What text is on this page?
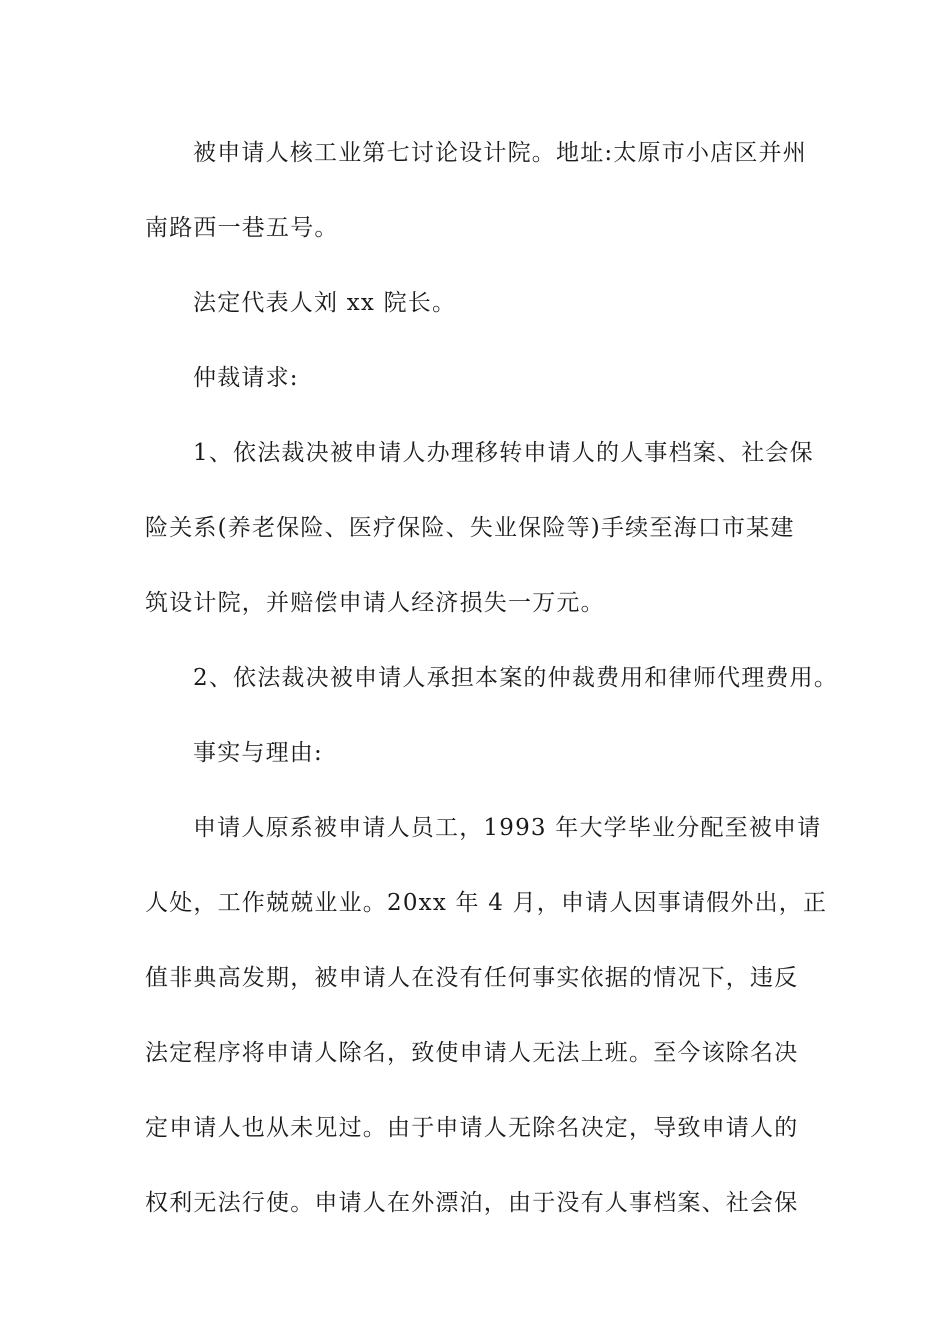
被申请人核工业第七讨论设计院。地址:太原市小店区并州
南路西一巷五号。
法定代表人刘 xx 院长。
仲裁请求:
1、依法裁决被申请人办理移转申请人的人事档案、社会保
险关系(养老保险、医疗保险、失业保险等)手续至海口市某建
筑设计院，并赔偿申请人经济损失一万元。
2、依法裁决被申请人承担本案的仲裁费用和律师代理费用。
事实与理由:
申请人原系被申请人员工，1993 年大学毕业分配至被申请
人处，工作兢兢业业。20xx 年 4 月，申请人因事请假外出，正
值非典高发期，被申请人在没有任何事实依据的情况下，违反
法定程序将申请人除名，致使申请人无法上班。至今该除名决
定申请人也从未见过。由于申请人无除名决定，导致申请人的
权利无法行使。申请人在外漂泊，由于没有人事档案、社会保
